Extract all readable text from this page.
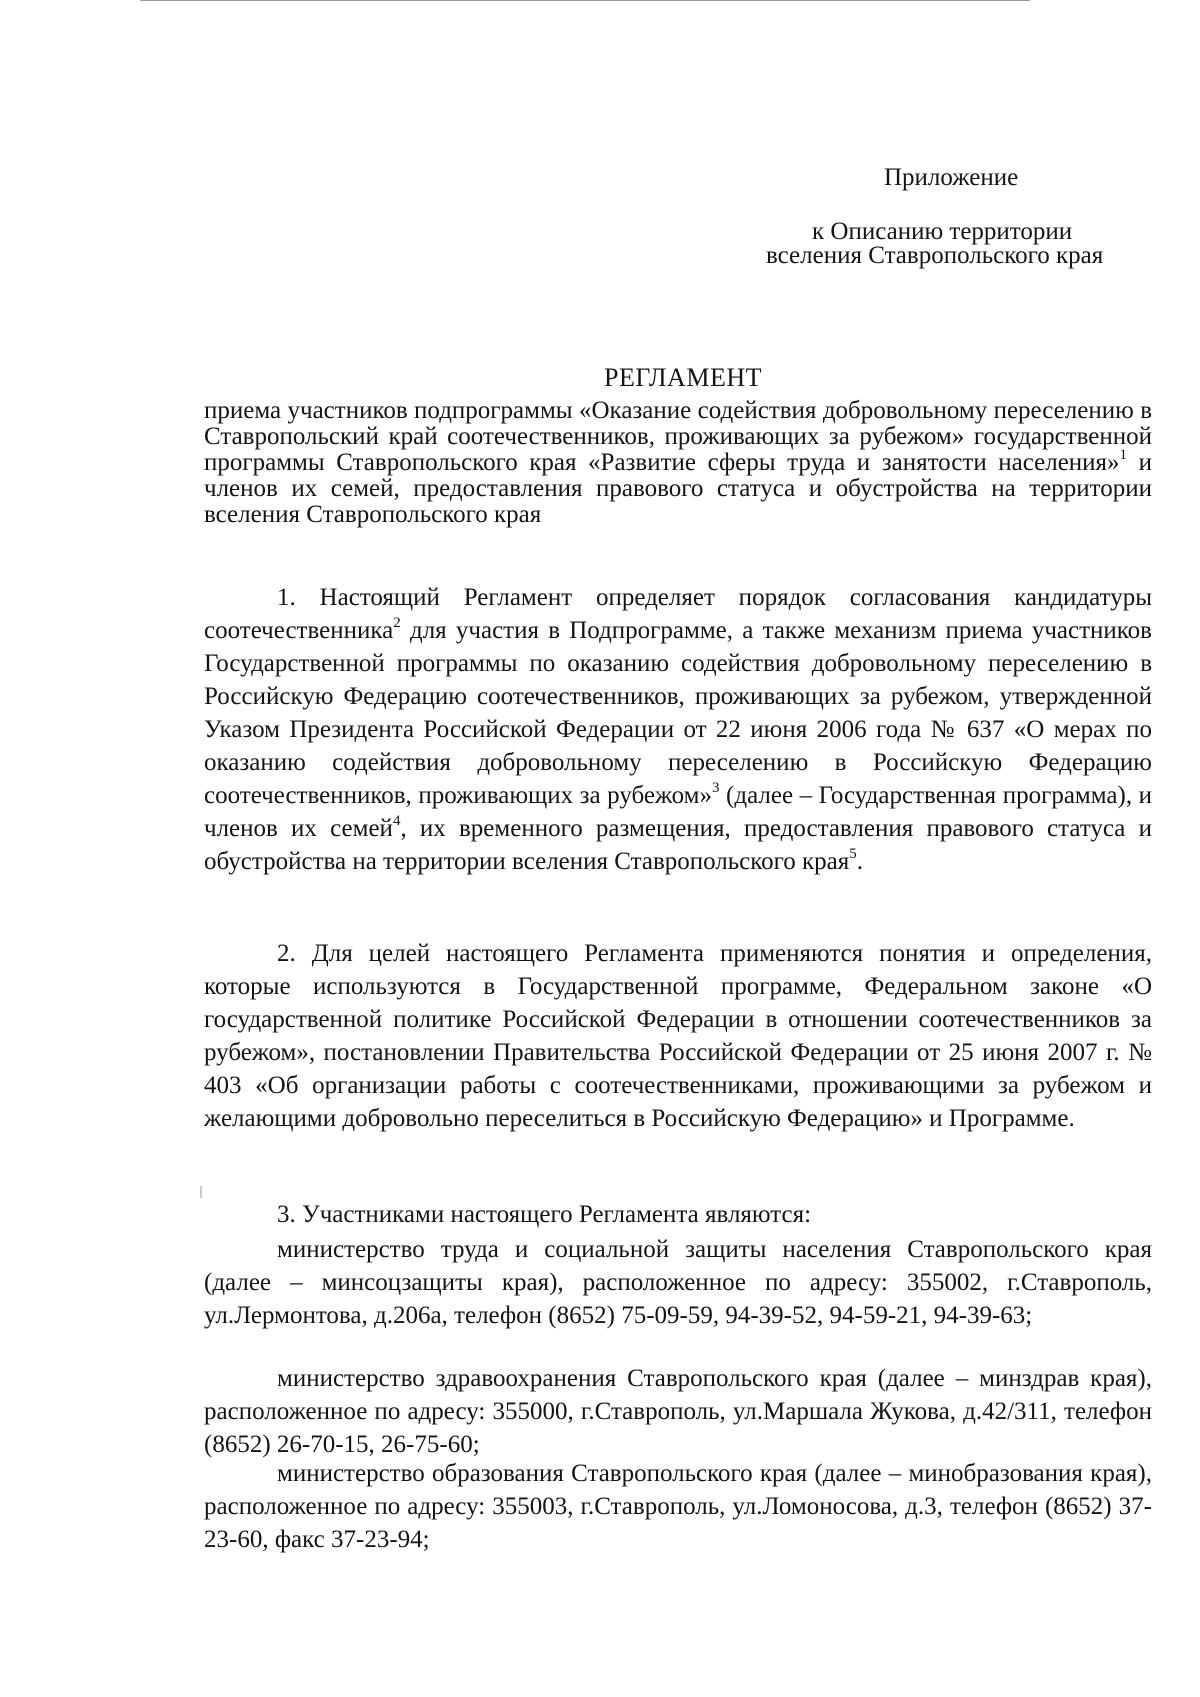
Приложение
к Описанию территории
вселения Ставропольского края
РЕГЛАМЕНТ
приема участников подпрограммы «Оказание содействия добровольному переселению в Ставропольский край соотечественников, проживающих за рубежом» государственной программы Ставропольского края «Развитие сферы труда и занятости населения»$^1$ и членов их семей, предоставления правового статуса и обустройства на территории вселения Ставропольского края

1. Настоящий Регламент определяет порядок согласования кандидатуры соотечественника$^2$ для участия в Подпрограмме, а также механизм приема участников Государственной программы по оказанию содействия добровольному переселению в Российскую Федерацию соотечественников, проживающих за рубежом, утвержденной Указом Президента Российской Федерации от 22 июня 2006 года № 637 «О мерах по оказанию содействия добровольному переселению в Российскую Федерацию соотечественников, проживающих за рубежом»$^3$ (далее – Государственная программа), и членов их семей$^4$, их временного размещения, предоставления правового статуса и обустройства на территории вселения Ставропольского края$^5$.

2. Для целей настоящего Регламента применяются понятия и определения, которые используются в Государственной программе, Федеральном законе «О государственной политике Российской Федерации в отношении соотечественников за рубежом», постановлении Правительства Российской Федерации от 25 июня 2007 г. № 403 «Об организации работы с соотечественниками, проживающими за рубежом и желающими добровольно переселиться в Российскую Федерацию» и Программе.

3. Участниками настоящего Регламента являются:

министерство труда и социальной защиты населения Ставропольского края (далее – минсоцзащиты края), расположенное по адресу: 355002, г.Ставрополь, ул.Лермонтова, д.206а, телефон (8652) 75-09-59, 94-39-52, 94-59-21, 94-39-63;

министерство здравоохранения Ставропольского края (далее – минздрав края), расположенное по адресу: 355000, г.Ставрополь, ул.Маршала Жукова, д.42/311, телефон (8652) 26-70-15, 26-75-60;

министерство образования Ставропольского края (далее – минобразования края), расположенное по адресу: 355003, г.Ставрополь, ул.Ломоносова, д.3, телефон (8652) 37-23-60, факс 37-23-94;
